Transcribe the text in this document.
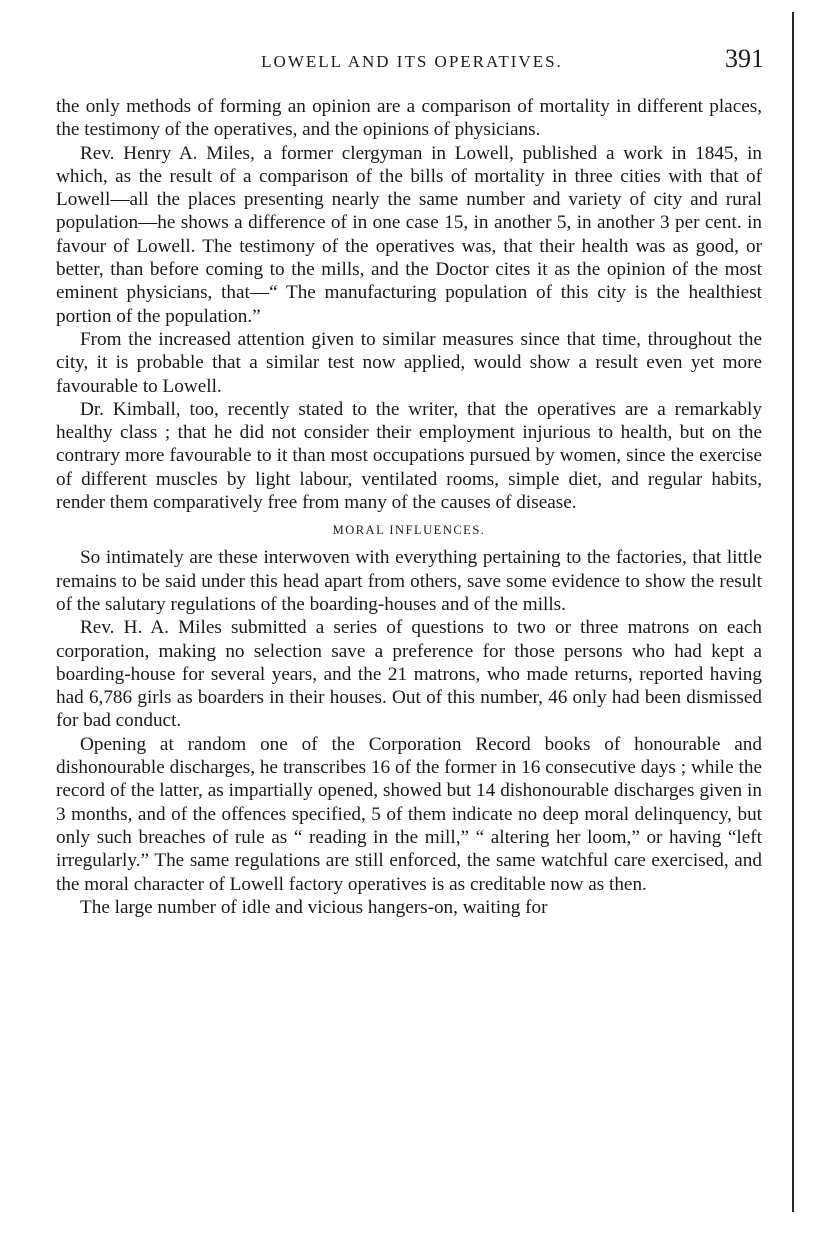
LOWELL AND ITS OPERATIVES.	391

the only methods of forming an opinion are a comparison of mortality in different places, the testimony of the operatives, and the opinions of physicians.

Rev. Henry A. Miles, a former clergyman in Lowell, published a work in 1845, in which, as the result of a comparison of the bills of mortality in three cities with that of Lowell—all the places presenting nearly the same number and variety of city and rural population—he shows a difference of in one case 15, in another 5, in another 3 per cent. in favour of Lowell. The testimony of the operatives was, that their health was as good, or better, than before coming to the mills, and the Doctor cites it as the opinion of the most eminent physicians, that—“ The manufacturing population of this city is the healthiest portion of the population.”

From the increased attention given to similar measures since that time, throughout the city, it is probable that a similar test now applied, would show a result even yet more favourable to Lowell.

Dr. Kimball, too, recently stated to the writer, that the operatives are a remarkably healthy class ; that he did not consider their employment injurious to health, but on the contrary more favourable to it than most occupations pursued by women, since the exercise of different muscles by light labour, ventilated rooms, simple diet, and regular habits, render them comparatively free from many of the causes of disease.

MORAL INFLUENCES.

So intimately are these interwoven with everything pertaining to the factories, that little remains to be said under this head apart from others, save some evidence to show the result of the salutary regulations of the boarding-houses and of the mills.

Rev. H. A. Miles submitted a series of questions to two or three matrons on each corporation, making no selection save a preference for those persons who had kept a boarding-house for several years, and the 21 matrons, who made returns, reported having had 6,786 girls as boarders in their houses. Out of this number, 46 only had been dismissed for bad conduct.

Opening at random one of the Corporation Record books of honourable and dishonourable discharges, he transcribes 16 of the former in 16 consecutive days ; while the record of the latter, as impartially opened, showed but 14 dishonourable discharges given in 3 months, and of the offences specified, 5 of them indicate no deep moral delinquency, but only such breaches of rule as “ reading in the mill,” “ altering her loom,” or having “left irregularly.” The same regulations are still enforced, the same watchful care exercised, and the moral character of Lowell factory operatives is as creditable now as then.

The large number of idle and vicious hangers-on, waiting for
